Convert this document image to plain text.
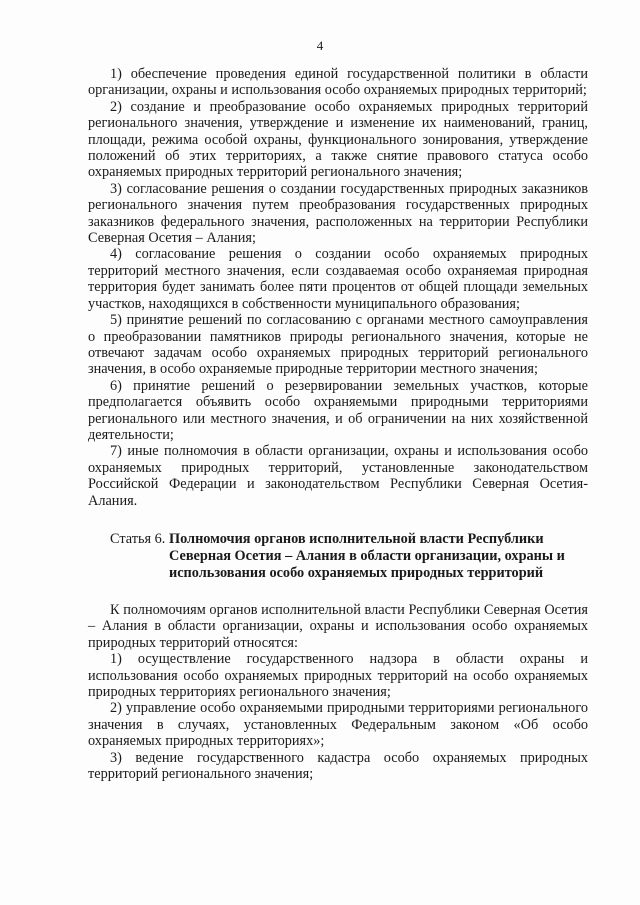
4

1) обеспечение проведения единой государственной политики в области организации, охраны и использования особо охраняемых природных территорий;

2) создание и преобразование особо охраняемых природных территорий регионального значения, утверждение и изменение их наименований, границ, площади, режима особой охраны, функционального зонирования, утверждение положений об этих территориях, а также снятие правового статуса особо охраняемых природных территорий регионального значения;

3) согласование решения о создании государственных природных заказников регионального значения путем преобразования государственных природных заказников федерального значения, расположенных на территории Республики Северная Осетия – Алания;

4) согласование решения о создании особо охраняемых природных территорий местного значения, если создаваемая особо охраняемая природная территория будет занимать более пяти процентов от общей площади земельных участков, находящихся в собственности муниципального образования;

5) принятие решений по согласованию с органами местного самоуправления о преобразовании памятников природы регионального значения, которые не отвечают задачам особо охраняемых природных территорий регионального значения, в особо охраняемые природные территории местного значения;

6) принятие решений о резервировании земельных участков, которые предполагается объявить особо охраняемыми природными территориями регионального или местного значения, и об ограничении на них хозяйственной деятельности;

7) иные полномочия в области организации, охраны и использования особо охраняемых природных территорий, установленные законодательством Российской Федерации и законодательством Республики Северная Осетия-Алания.

Статья 6.
Полномочия органов исполнительной власти Республики Северная Осетия – Алания в области организации, охраны и использования особо охраняемых природных территорий

К полномочиям органов исполнительной власти Республики Северная Осетия – Алания в области организации, охраны и использования особо охраняемых природных территорий относятся:

1) осуществление государственного надзора в области охраны и использования особо охраняемых природных территорий на особо охраняемых природных территориях регионального значения;

2) управление особо охраняемыми природными территориями регионального значения в случаях, установленных Федеральным законом «Об особо охраняемых природных территориях»;

3) ведение государственного кадастра особо охраняемых природных территорий регионального значения;
